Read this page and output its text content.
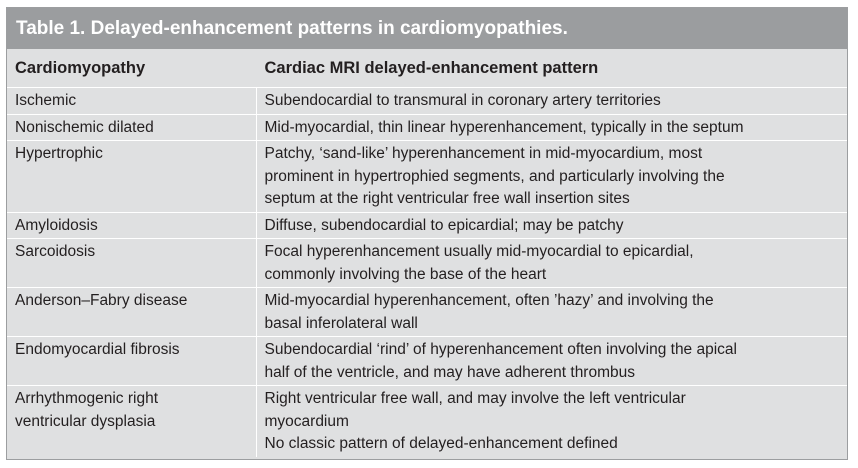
Table 1. Delayed-enhancement patterns in cardiomyopathies.
Cardiomyopathy	Cardiac MRI delayed-enhancement pattern

Ischemic	Subendocardial to transmural in coronary artery territories

Nonischemic dilated	Mid-myocardial, thin linear hyperenhancement, typically in the septum

Hypertrophic	Patchy, ‘sand-like’ hyperenhancement in mid-myocardium, most
prominent in hypertrophied segments, and particularly involving the
septum at the right ventricular free wall insertion sites

Amyloidosis	Diffuse, subendocardial to epicardial; may be patchy

Sarcoidosis	Focal hyperenhancement usually mid-myocardial to epicardial,
commonly involving the base of the heart

Anderson–Fabry disease	Mid-myocardial hyperenhancement, often ’hazy’ and involving the
basal inferolateral wall

Endomyocardial fibrosis	Subendocardial ‘rind’ of hyperenhancement often involving the apical
half of the ventricle, and may have adherent thrombus

Arrhythmogenic right
ventricular dysplasia	Right ventricular free wall, and may involve the left ventricular
myocardium
No classic pattern of delayed-enhancement defined
